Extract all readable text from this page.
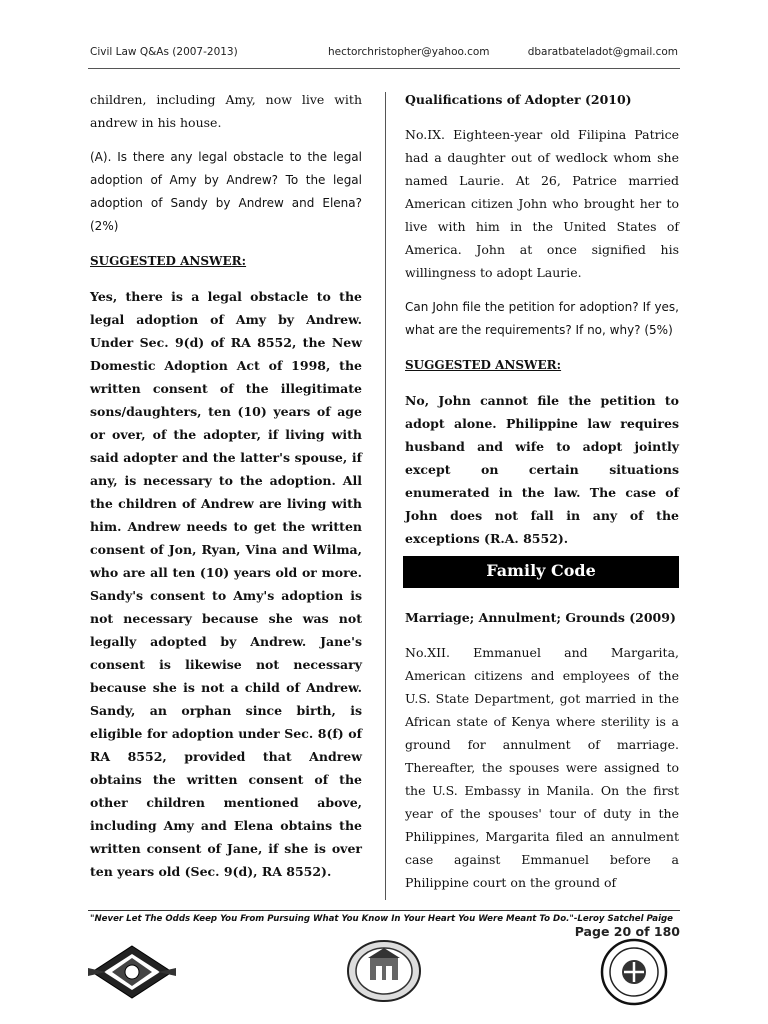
Civil Law Q&As (2007-2013)	hectorchristopher@yahoo.com	dbaratbateladot@gmail.com

children, including Amy, now live with andrew in his house.

(A). Is there any legal obstacle to the legal adoption of Amy by Andrew? To the legal adoption of Sandy by Andrew and Elena? (2%)

SUGGESTED ANSWER:

Yes, there is a legal obstacle to the legal adoption of Amy by Andrew. Under Sec. 9(d) of RA 8552, the New Domestic Adoption Act of 1998, the written consent of the illegitimate sons/daughters, ten (10) years of age or over, of the adopter, if living with said adopter and the latter's spouse, if any, is necessary to the adoption. All the children of Andrew are living with him. Andrew needs to get the written consent of Jon, Ryan, Vina and Wilma, who are all ten (10) years old or more. Sandy's consent to Amy's adoption is not necessary because she was not legally adopted by Andrew. Jane's consent is likewise not necessary because she is not a child of Andrew. Sandy, an orphan since birth, is eligible for adoption under Sec. 8(f) of RA 8552, provided that Andrew obtains the written consent of the other children mentioned above, including Amy and Elena obtains the written consent of Jane, if she is over ten years old (Sec. 9(d), RA 8552).

Qualifications of Adopter (2010)

No.IX. Eighteen-year old Filipina Patrice had a daughter out of wedlock whom she named Laurie. At 26, Patrice married American citizen John who brought her to live with him in the United States of America. John at once signified his willingness to adopt Laurie.

Can John file the petition for adoption? If yes, what are the requirements? If no, why? (5%)

SUGGESTED ANSWER:

No, John cannot file the petition to adopt alone. Philippine law requires husband and wife to adopt jointly except on certain situations enumerated in the law. The case of John does not fall in any of the exceptions (R.A. 8552).

Family Code

Marriage; Annulment; Grounds (2009)

No.XII. Emmanuel and Margarita, American citizens and employees of the U.S. State Department, got married in the African state of Kenya where sterility is a ground for annulment of marriage. Thereafter, the spouses were assigned to the U.S. Embassy in Manila. On the first year of the spouses' tour of duty in the Philippines, Margarita filed an annulment case against Emmanuel before a Philippine court on the ground of

"Never Let The Odds Keep You From Pursuing What You Know In Your Heart You Were Meant To Do."-Leroy Satchel Paige
Page 20 of 180
